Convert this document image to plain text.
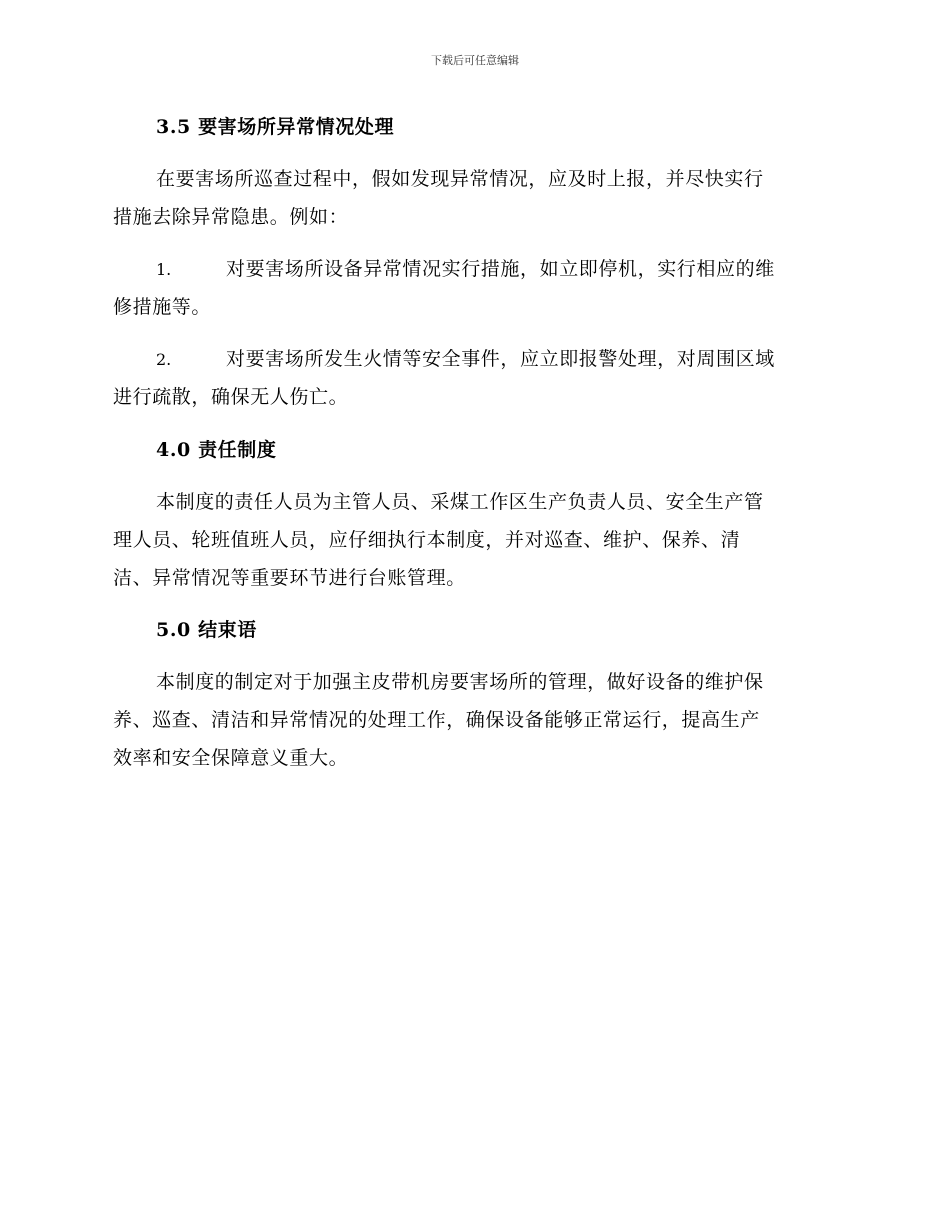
下载后可任意编辑
3.5 要害场所异常情况处理
在要害场所巡查过程中，假如发现异常情况，应及时上报，并尽快实行
措施去除异常隐患。例如：
1.	对要害场所设备异常情况实行措施，如立即停机，实行相应的维
修措施等。
2.	对要害场所发生火情等安全事件，应立即报警处理，对周围区域
进行疏散，确保无人伤亡。
4.0 责任制度
本制度的责任人员为主管人员、采煤工作区生产负责人员、安全生产管
理人员、轮班值班人员，应仔细执行本制度，并对巡查、维护、保养、清
洁、异常情况等重要环节进行台账管理。
5.0 结束语
本制度的制定对于加强主皮带机房要害场所的管理，做好设备的维护保
养、巡查、清洁和异常情况的处理工作，确保设备能够正常运行，提高生产
效率和安全保障意义重大。
